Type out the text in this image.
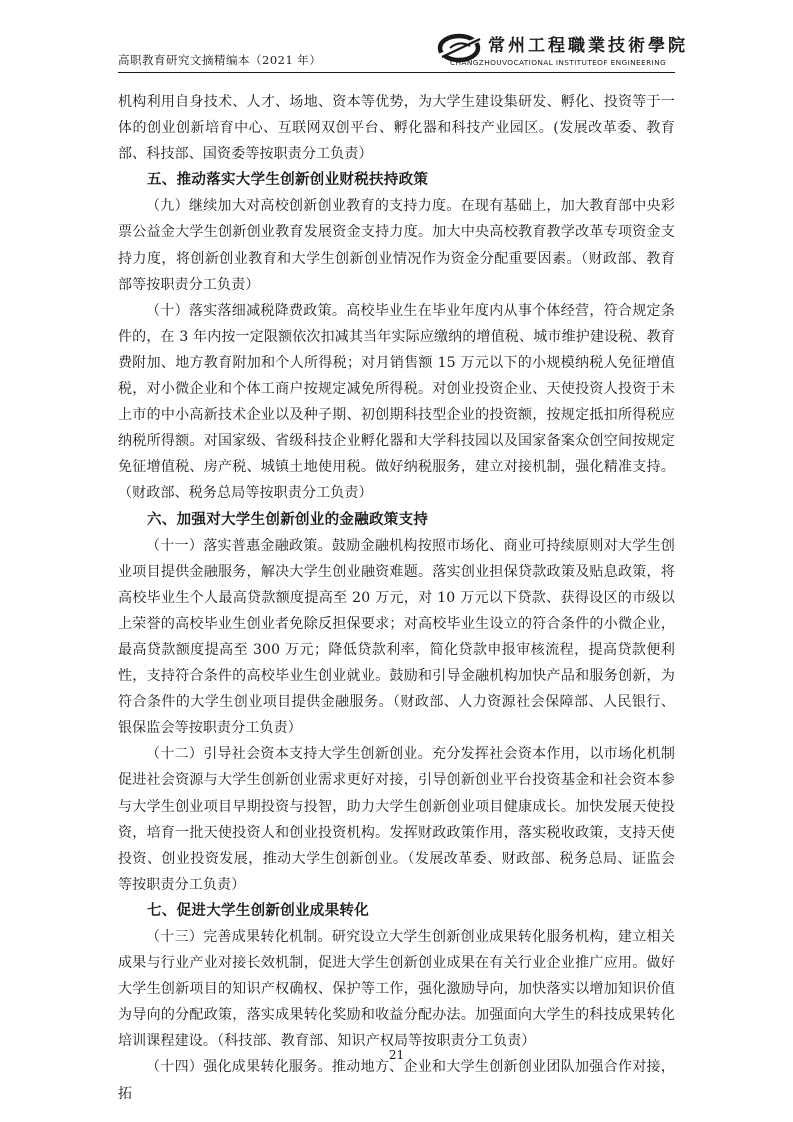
高职教育研究文摘精编本（2021 年）
常州工程職業技術學院
CHANGZHOUVOCATIONAL INSTITUTEOF ENGINEERING

机构利用自身技术、人才、场地、资本等优势，为大学生建设集研发、孵化、投资等于一体的创业创新培育中心、互联网双创平台、孵化器和科技产业园区。(发展改革委、教育部、科技部、国资委等按职责分工负责）

五、推动落实大学生创新创业财税扶持政策

（九）继续加大对高校创新创业教育的支持力度。在现有基础上，加大教育部中央彩票公益金大学生创新创业教育发展资金支持力度。加大中央高校教育教学改革专项资金支持力度，将创新创业教育和大学生创新创业情况作为资金分配重要因素。（财政部、教育部等按职责分工负责）

（十）落实落细减税降费政策。高校毕业生在毕业年度内从事个体经营，符合规定条件的，在 3 年内按一定限额依次扣减其当年实际应缴纳的增值税、城市维护建设税、教育费附加、地方教育附加和个人所得税；对月销售额 15 万元以下的小规模纳税人免征增值税，对小微企业和个体工商户按规定减免所得税。对创业投资企业、天使投资人投资于未上市的中小高新技术企业以及种子期、初创期科技型企业的投资额，按规定抵扣所得税应纳税所得额。对国家级、省级科技企业孵化器和大学科技园以及国家备案众创空间按规定免征增值税、房产税、城镇土地使用税。做好纳税服务，建立对接机制，强化精准支持。（财政部、税务总局等按职责分工负责）

六、加强对大学生创新创业的金融政策支持

（十一）落实普惠金融政策。鼓励金融机构按照市场化、商业可持续原则对大学生创业项目提供金融服务，解决大学生创业融资难题。落实创业担保贷款政策及贴息政策，将高校毕业生个人最高贷款额度提高至 20 万元，对 10 万元以下贷款、获得设区的市级以上荣誉的高校毕业生创业者免除反担保要求；对高校毕业生设立的符合条件的小微企业，最高贷款额度提高至 300 万元；降低贷款利率，简化贷款申报审核流程，提高贷款便利性，支持符合条件的高校毕业生创业就业。鼓励和引导金融机构加快产品和服务创新，为符合条件的大学生创业项目提供金融服务。（财政部、人力资源社会保障部、人民银行、银保监会等按职责分工负责）

（十二）引导社会资本支持大学生创新创业。充分发挥社会资本作用，以市场化机制促进社会资源与大学生创新创业需求更好对接，引导创新创业平台投资基金和社会资本参与大学生创业项目早期投资与投智，助力大学生创新创业项目健康成长。加快发展天使投资，培育一批天使投资人和创业投资机构。发挥财政政策作用，落实税收政策，支持天使投资、创业投资发展，推动大学生创新创业。（发展改革委、财政部、税务总局、证监会等按职责分工负责）

七、促进大学生创新创业成果转化

（十三）完善成果转化机制。研究设立大学生创新创业成果转化服务机构，建立相关成果与行业产业对接长效机制，促进大学生创新创业成果在有关行业企业推广应用。做好大学生创新项目的知识产权确权、保护等工作，强化激励导向，加快落实以增加知识价值为导向的分配政策，落实成果转化奖励和收益分配办法。加强面向大学生的科技成果转化培训课程建设。（科技部、教育部、知识产权局等按职责分工负责）

（十四）强化成果转化服务。推动地方、企业和大学生创新创业团队加强合作对接，拓

21
